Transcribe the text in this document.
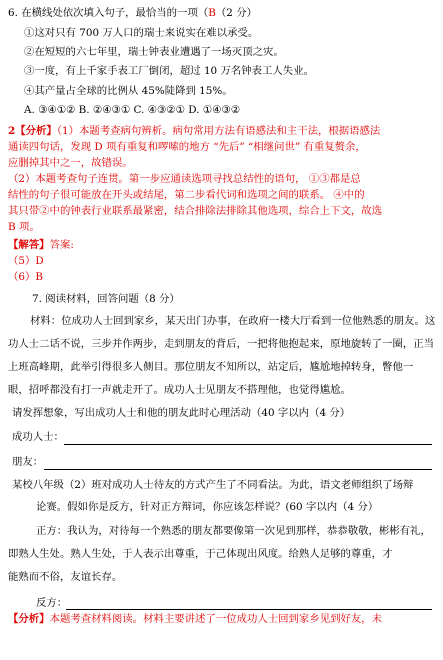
6. 在横线处依次填入句子，最恰当的一项（B（2 分）
①这对只有 700 万人口的瑞士来说实在难以承受。
②在短短的六七年里，瑞士钟表业遭遇了一场灭顶之灾。
③一度，有上千家手表工厂倒闭，超过 10 万名钟表工人失业。
④其产量占全球的比例从 45%陡降到 15%。
A. ③④①② B. ②④③① C. ④③②① D. ①④③②
2【分析】（1）本题考查病句辨析。病句常用方法有语感法和主干法，根据语感法
通读四句话，发现 D 项有重复和啰嗦的地方 “先后” “相继问世” 有重复赘余，
应删掉其中之一，故错误。
（2）本题考查句子连贯。第一步应通读选项寻找总结性的语句， ①③都是总
结性的句子很可能放在开头或结尾，第二步看代词和选项之间的联系。 ④中的
其只带②中的钟表行业联系最紧密，结合排除法排除其他选项，综合上下文，故选
B 项。
【解答】答案:
（5）D
（6）B
7. 阅读材料，回答问题（8 分）
材料：位成功人士回到家乡，某天出门办事，在政府一楼大厅看到一位他熟悉的朋友。这
功人士二话不说，三步并作两步，走到朋友的背后，一把将他抱起来，原地旋转了一圈，正当
上班高峰期，此举引得很多人侧目。那位朋友不知所以，站定后，尴尬地掉转身，瞥他一
眼，招呼都没有打一声就走开了。成功人士见朋友不搭理他，也觉得尴尬。
请发挥想象，写出成功人士和他的朋友此时心理活动（40 字以内（4 分）
成功人士：
朋友：
某校八年级（2）班对成功人士待友的方式产生了不同看法。为此，语文老师组织了场辩
论赛。假如你是反方，针对正方辩词，你应该怎样说？(60 字以内（4 分）
正方：我认为，对待每一个熟悉的朋友都要像第一次见到那样，恭恭敬敬，彬彬有礼，
即熟人生处。熟人生处，于人表示出尊重，于己体现出风度。给熟人足够的尊重，才
能熟而不俗，友谊长存。
反方：
【分析】本题考查材料阅读。材料主要讲述了一位成功人士回到家乡见到好友，未
